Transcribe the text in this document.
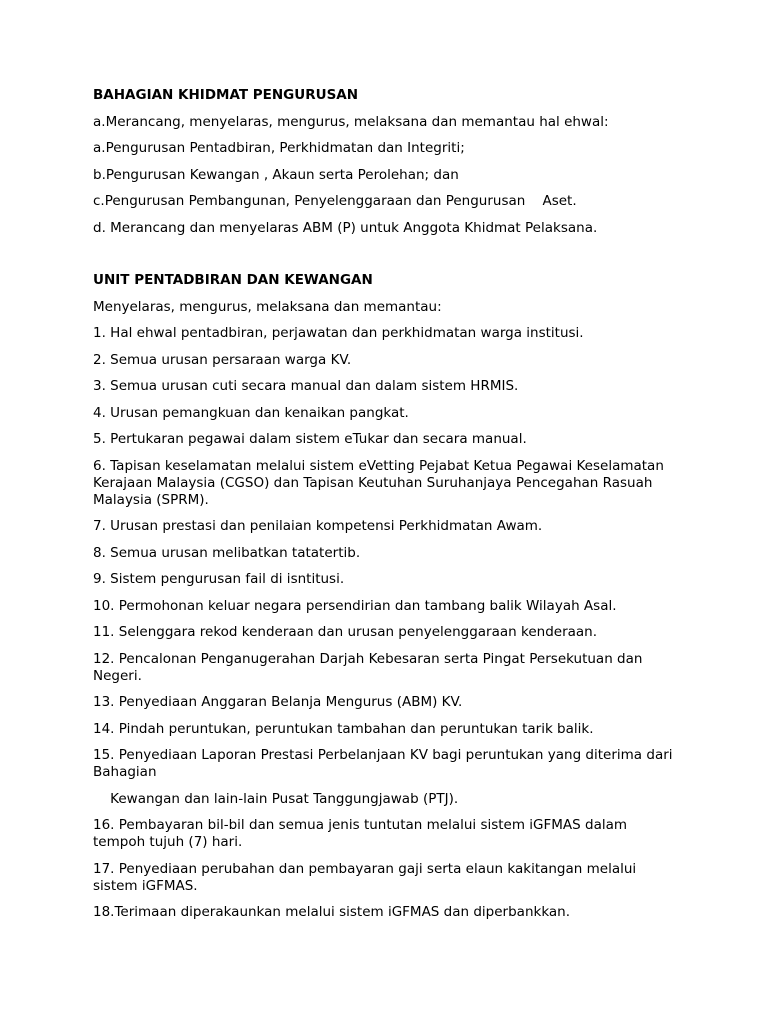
BAHAGIAN KHIDMAT PENGURUSAN
a.Merancang, menyelaras, mengurus, melaksana dan memantau hal ehwal:
a.Pengurusan Pentadbiran, Perkhidmatan dan Integriti;
b.Pengurusan Kewangan , Akaun serta Perolehan; dan
c.Pengurusan Pembangunan, Penyelenggaraan dan Pengurusan    Aset.
d. Merancang dan menyelaras ABM (P) untuk Anggota Khidmat Pelaksana.
UNIT PENTADBIRAN DAN KEWANGAN
Menyelaras, mengurus, melaksana dan memantau:
1. Hal ehwal pentadbiran, perjawatan dan perkhidmatan warga institusi.
2. Semua urusan persaraan warga KV.
3. Semua urusan cuti secara manual dan dalam sistem HRMIS.
4. Urusan pemangkuan dan kenaikan pangkat.
5. Pertukaran pegawai dalam sistem eTukar dan secara manual.
6. Tapisan keselamatan melalui sistem eVetting Pejabat Ketua Pegawai Keselamatan Kerajaan Malaysia (CGSO) dan Tapisan Keutuhan Suruhanjaya Pencegahan Rasuah Malaysia (SPRM).
7. Urusan prestasi dan penilaian kompetensi Perkhidmatan Awam.
8. Semua urusan melibatkan tatatertib.
9. Sistem pengurusan fail di isntitusi.
10. Permohonan keluar negara persendirian dan tambang balik Wilayah Asal.
11. Selenggara rekod kenderaan dan urusan penyelenggaraan kenderaan.
12. Pencalonan Penganugerahan Darjah Kebesaran serta Pingat Persekutuan dan Negeri.
13. Penyediaan Anggaran Belanja Mengurus (ABM) KV.
14. Pindah peruntukan, peruntukan tambahan dan peruntukan tarik balik.
15. Penyediaan Laporan Prestasi Perbelanjaan KV bagi peruntukan yang diterima dari Bahagian
Kewangan dan lain-lain Pusat Tanggungjawab (PTJ).
16. Pembayaran bil-bil dan semua jenis tuntutan melalui sistem iGFMAS dalam tempoh tujuh (7) hari.
17. Penyediaan perubahan dan pembayaran gaji serta elaun kakitangan melalui sistem iGFMAS.
18.Terimaan diperakaunkan melalui sistem iGFMAS dan diperbankkan.
